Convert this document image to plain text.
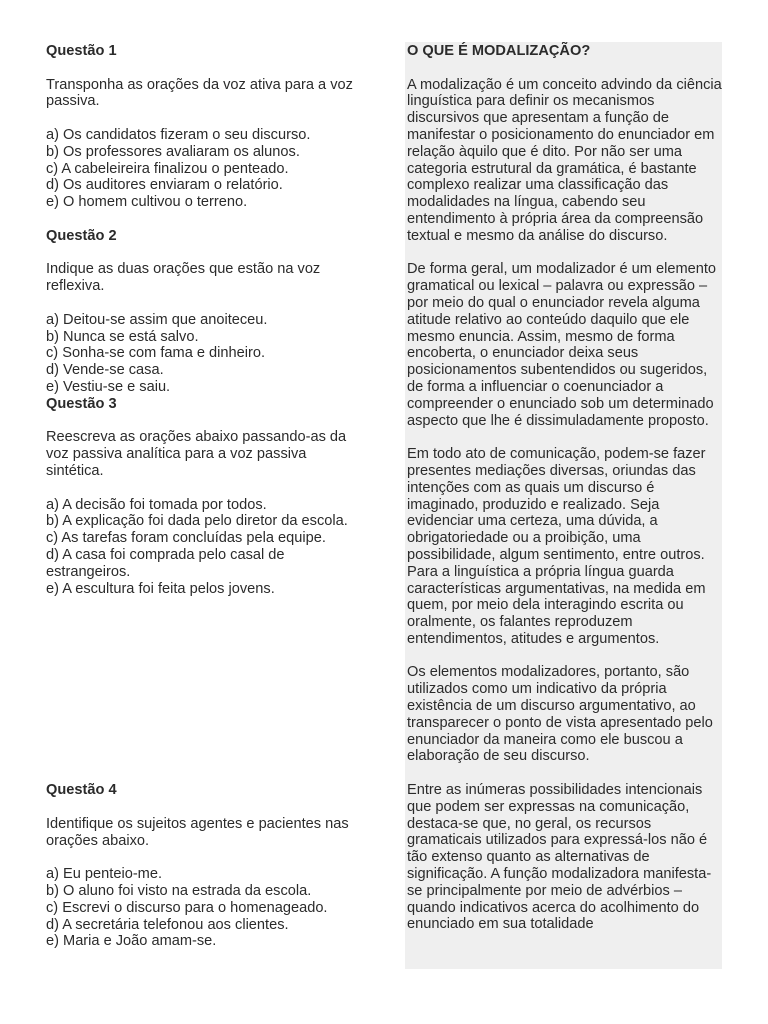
Questão 1

Transponha as orações da voz ativa para a voz passiva.

a) Os candidatos fizeram o seu discurso.

b) Os professores avaliaram os alunos.

c) A cabeleireira finalizou o penteado.

d) Os auditores enviaram o relatório.

e) O homem cultivou o terreno.

Questão 2

Indique as duas orações que estão na voz reflexiva.

a) Deitou-se assim que anoiteceu.

b) Nunca se está salvo.

c) Sonha-se com fama e dinheiro.

d) Vende-se casa.

e) Vestiu-se e saiu.

Questão 3

Reescreva as orações abaixo passando-as da voz passiva analítica para a voz passiva sintética.

a) A decisão foi tomada por todos.

b) A explicação foi dada pelo diretor da escola.

c) As tarefas foram concluídas pela equipe.

d) A casa foi comprada pelo casal de estrangeiros.

e) A escultura foi feita pelos jovens.

Questão 4

Identifique os sujeitos agentes e pacientes nas orações abaixo.

a) Eu penteio-me.

b) O aluno foi visto na estrada da escola.

c) Escrevi o discurso para o homenageado.

d) A secretária telefonou aos clientes.

e) Maria e João amam-se.

O QUE É MODALIZAÇÃO?

A modalização é um conceito advindo da ciência linguística para definir os mecanismos discursivos que apresentam a função de manifestar o posicionamento do enunciador em relação àquilo que é dito. Por não ser uma categoria estrutural da gramática, é bastante complexo realizar uma classificação das modalidades na língua, cabendo seu entendimento à própria área da compreensão textual e mesmo da análise do discurso.

De forma geral, um modalizador é um elemento gramatical ou lexical – palavra ou expressão – por meio do qual o enunciador revela alguma atitude relativo ao conteúdo daquilo que ele mesmo enuncia. Assim, mesmo de forma encoberta, o enunciador deixa seus posicionamentos subentendidos ou sugeridos, de forma a influenciar o coenunciador a compreender o enunciado sob um determinado aspecto que lhe é dissimuladamente proposto.

Em todo ato de comunicação, podem-se fazer presentes mediações diversas, oriundas das intenções com as quais um discurso é imaginado, produzido e realizado. Seja evidenciar uma certeza, uma dúvida, a obrigatoriedade ou a proibição, uma possibilidade, algum sentimento, entre outros. Para a linguística a própria língua guarda características argumentativas, na medida em quem, por meio dela interagindo escrita ou oralmente, os falantes reproduzem entendimentos, atitudes e argumentos.

Os elementos modalizadores, portanto, são utilizados como um indicativo da própria existência de um discurso argumentativo, ao transparecer o ponto de vista apresentado pelo enunciador da maneira como ele buscou a elaboração de seu discurso.

Entre as inúmeras possibilidades intencionais que podem ser expressas na comunicação, destaca-se que, no geral, os recursos gramaticais utilizados para expressá-los não é tão extenso quanto as alternativas de significação. A função modalizadora manifesta-se principalmente por meio de advérbios – quando indicativos acerca do acolhimento do enunciado em sua totalidade
